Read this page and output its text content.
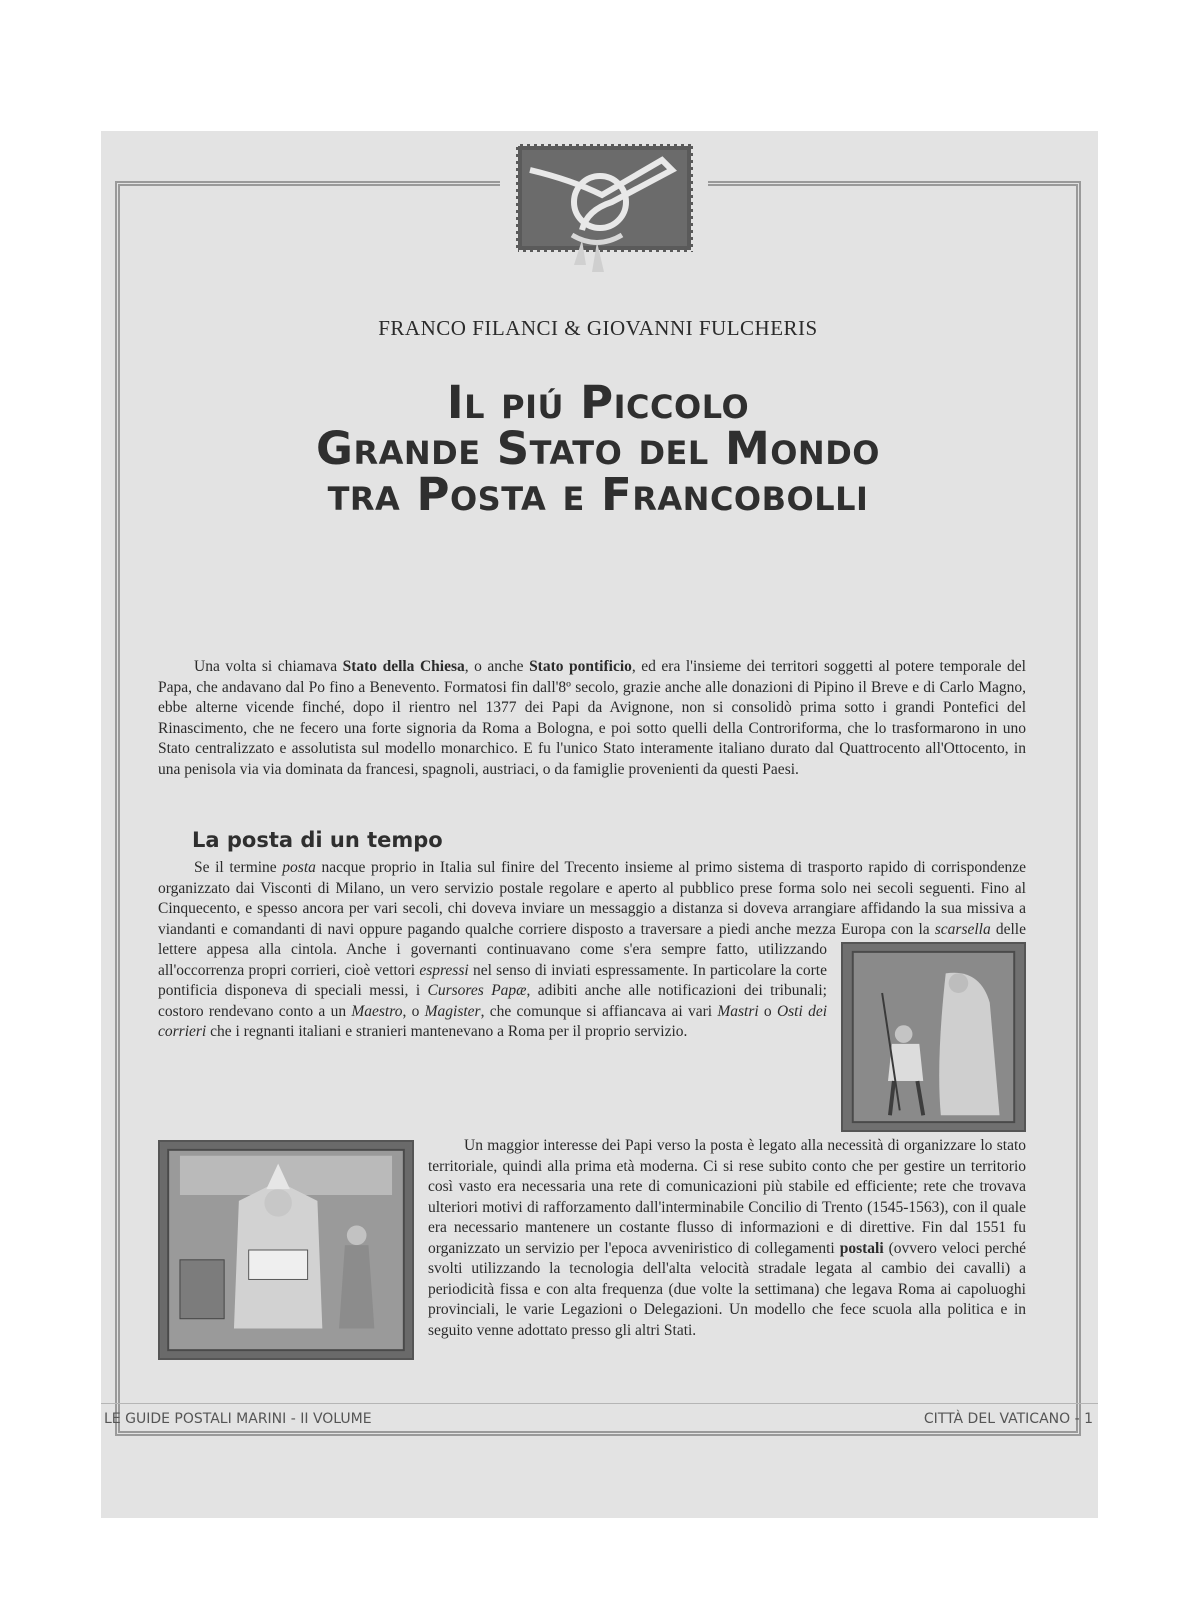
FRANCO FILANCI & GIOVANNI FULCHERIS
Il piú Piccolo
Grande Stato del Mondo
tra Posta e Francobolli
Una volta si chiamava Stato della Chiesa, o anche Stato pontificio, ed era l'insieme dei territori soggetti al potere temporale del Papa, che andavano dal Po fino a Benevento. Formatosi fin dall'8º secolo, grazie anche alle donazioni di Pipino il Breve e di Carlo Magno, ebbe alterne vicende finché, dopo il rientro nel 1377 dei Papi da Avignone, non si consolidò prima sotto i grandi Pontefici del Rinascimento, che ne fecero una forte signoria da Roma a Bologna, e poi sotto quelli della Controriforma, che lo trasformarono in uno Stato centralizzato e assolutista sul modello monarchico. E fu l'unico Stato interamente italiano durato dal Quattrocento all'Ottocento, in una penisola via via dominata da francesi, spagnoli, austriaci, o da famiglie provenienti da questi Paesi.
La posta di un tempo
Se il termine posta nacque proprio in Italia sul finire del Trecento insieme al primo sistema di trasporto rapido di corrispondenze organizzato dai Visconti di Milano, un vero servizio postale regolare e aperto al pubblico prese forma solo nei secoli seguenti. Fino al Cinquecento, e spesso ancora per vari secoli, chi doveva inviare un messaggio a distanza si doveva arrangiare affidando la sua missiva a viandanti e comandanti di navi oppure pagando qualche corriere disposto a traversare a piedi anche mezza Europa con la
scarsella delle lettere appesa alla cintola. Anche i governanti continuavano come s'era sempre fatto, utilizzando all'occorrenza propri corrieri, cioè vettori espressi nel senso di inviati espressamente. In particolare la corte pontificia disponeva di speciali messi, i Cursores Papæ, adibiti anche alle notificazioni dei tribunali; costoro rendevano conto a un Maestro, o Magister, che comunque si affiancava ai vari Mastri o Osti dei corrieri che i regnanti italiani e stranieri mantenevano a Roma per il proprio servizio.
Un maggior interesse dei Papi verso la posta è legato alla necessità di organizzare lo stato territoriale, quindi alla prima età moderna. Ci si rese subito conto che per gestire un territorio così vasto era necessaria una rete di comunicazioni più stabile ed efficiente; rete che trovava ulteriori motivi di rafforzamento dall'interminabile Concilio di Trento (1545-1563), con il quale era necessario mantenere un costante flusso di informazioni e di direttive. Fin dal 1551 fu organizzato un servizio per l'epoca avveniristico di collegamenti postali (ovvero veloci perché svolti utilizzando la tecnologia dell'alta velocità stradale legata al cambio dei cavalli) a periodicità fissa e con alta frequenza (due volte la settimana) che legava Roma ai capoluoghi provinciali, le varie Legazioni o Delegazioni. Un modello che fece scuola alla politica e in seguito venne adottato presso gli altri Stati.
LE GUIDE POSTALI MARINI - II VOLUME	CITTÀ DEL VATICANO - 1
